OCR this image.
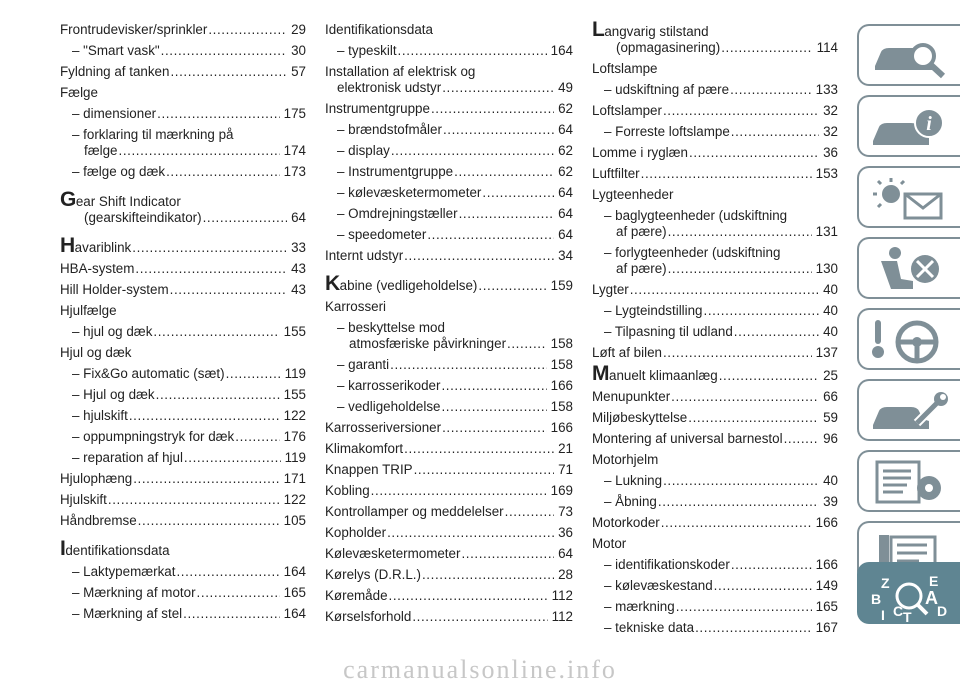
Frontrudevisker/sprinkler .....	29
– "Smart vask" .....	30
Fyldning af tanken .....	57
Fælge
– dimensioner .....	175
– forklaring til mærkning på
fælge .....	174
– fælge og dæk .....	173
Gear Shift Indicator
(gearskifteindikator) .....	64
Havariblink .....	33
HBA-system .....	43
Hill Holder-system .....	43
Hjulfælge
– hjul og dæk .....	155
Hjul og dæk
– Fix&Go automatic (sæt) .....	119
– Hjul og dæk .....	155
– hjulskift .....	122
– oppumpningstryk for dæk .....	176
– reparation af hjul .....	119
Hjulophæng .....	171
Hjulskift .....	122
Håndbremse .....	105
Identifikationsdata
– Laktypemærkat .....	164
– Mærkning af motor .....	165
– Mærkning af stel .....	164
Identifikationsdata
– typeskilt .....	164
Installation af elektrisk og
elektronisk udstyr .....	49
Instrumentgruppe .....	62
– brændstofmåler .....	64
– display .....	62
– Instrumentgruppe .....	62
– kølevæsketermometer .....	64
– Omdrejningstæller .....	64
– speedometer .....	64
Internt udstyr .....	34
Kabine (vedligeholdelse) .....	159
Karrosseri
– beskyttelse mod
atmosfæriske påvirkninger .....	158
– garanti .....	158
– karrosserikoder .....	166
– vedligeholdelse .....	158
Karrosseriversioner .....	166
Klimakomfort .....	21
Knappen TRIP .....	71
Kobling .....	169
Kontrollamper og meddelelser .....	73
Kopholder .....	36
Kølevæsketermometer .....	64
Kørelys (D.R.L.) .....	28
Køremåde .....	112
Kørselsforhold .....	112
Langvarig stilstand
(opmagasinering) .....	114
Loftslampe
– udskiftning af pære .....	133
Loftslamper .....	32
– Forreste loftslampe .....	32
Lomme i ryglæn .....	36
Luftfilter .....	153
Lygteenheder
– baglygteenheder (udskiftning
af pære) .....	131
– forlygteenheder (udskiftning
af pære) .....	130
Lygter .....	40
– Lygteindstilling .....	40
– Tilpasning til udland .....	40
Løft af bilen .....	137
Manuelt klimaanlæg .....	25
Menupunkter .....	66
Miljøbeskyttelse .....	59
Montering af universal barnestol .....	96
Motorhjelm
– Lukning .....	40
– Åbning .....	39
Motorkoder .....	166
Motor
– identifikationskoder .....	166
– kølevæskestand .....	149
– mærkning .....	165
– tekniske data .....	167
i
Z	E
B A
I C T D
carmanualsonline.info
